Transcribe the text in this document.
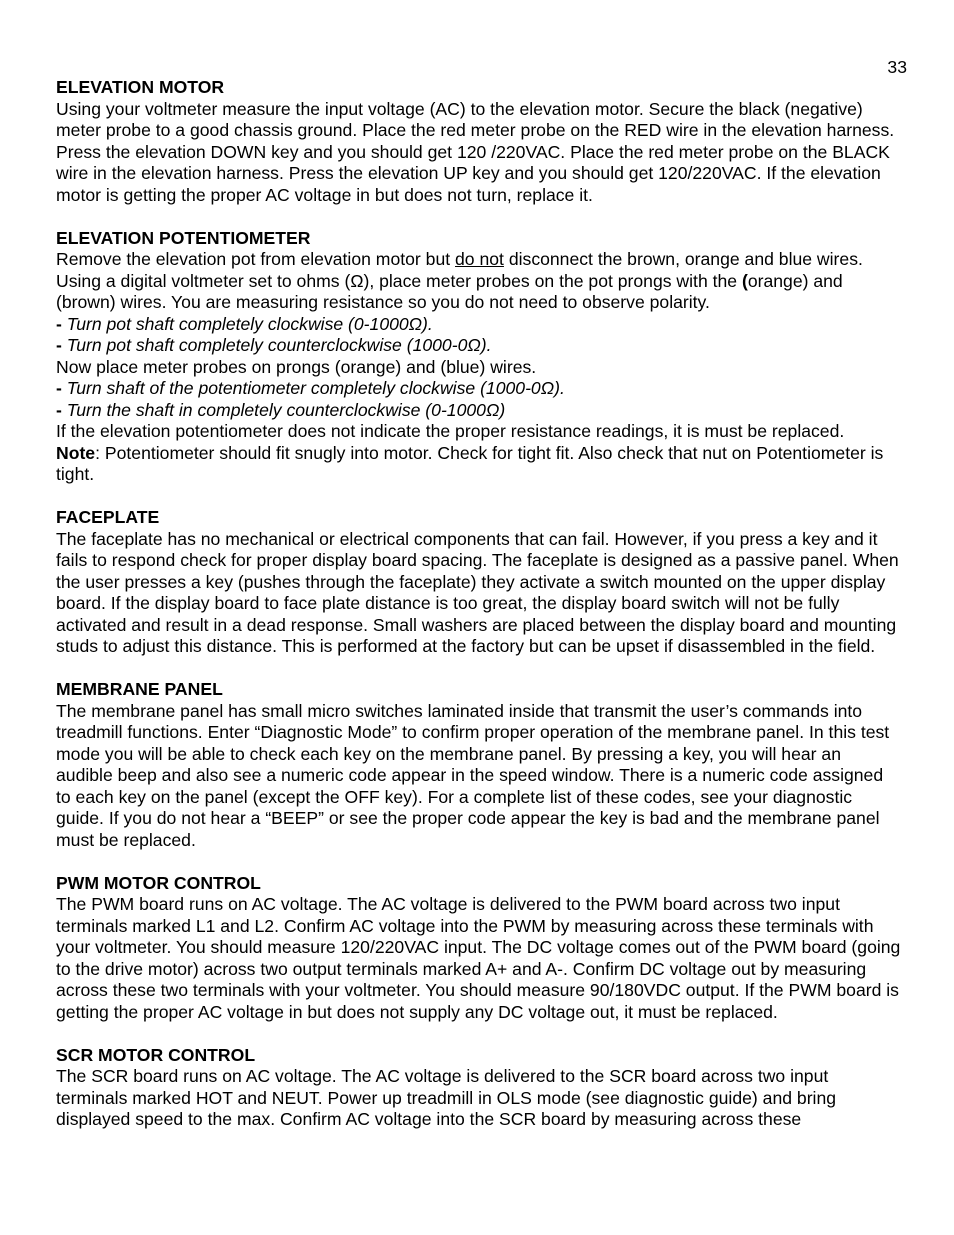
33
ELEVATION MOTOR

Using your voltmeter measure the input voltage (AC) to the elevation motor. Secure the black (negative) meter probe to a good chassis ground. Place the red meter probe on the RED wire in the elevation harness. Press the elevation DOWN key and you should get 120 /220VAC. Place the red meter probe on the BLACK wire in the elevation harness. Press the elevation UP key and you should get 120/220VAC. If the elevation motor is getting the proper AC voltage in but does not turn, replace it.

ELEVATION POTENTIOMETER

Remove the elevation pot from elevation motor but do not disconnect the brown, orange and blue wires. Using a digital voltmeter set to ohms (Ω), place meter probes on the pot prongs with the (orange) and (brown) wires. You are measuring resistance so you do not need to observe polarity.

- Turn pot shaft completely clockwise (0-1000Ω).

- Turn pot shaft completely counterclockwise (1000-0Ω).

Now place meter probes on prongs (orange) and (blue) wires.

- Turn shaft of the potentiometer completely clockwise (1000-0Ω).

- Turn the shaft in completely counterclockwise (0-1000Ω)

If the elevation potentiometer does not indicate the proper resistance readings, it is must be replaced.

Note: Potentiometer should fit snugly into motor. Check for tight fit. Also check that nut on Potentiometer is tight.

FACEPLATE

The faceplate has no mechanical or electrical components that can fail. However, if you press a key and it fails to respond check for proper display board spacing. The faceplate is designed as a passive panel. When the user presses a key (pushes through the faceplate) they activate a switch mounted on the upper display board. If the display board to face plate distance is too great, the display board switch will not be fully activated and result in a dead response. Small washers are placed between the display board and mounting studs to adjust this distance. This is performed at the factory but can be upset if disassembled in the field.

MEMBRANE PANEL

The membrane panel has small micro switches laminated inside that transmit the user’s commands into treadmill functions. Enter “Diagnostic Mode” to confirm proper operation of the membrane panel. In this test mode you will be able to check each key on the membrane panel. By pressing a key, you will hear an audible beep and also see a numeric code appear in the speed window. There is a numeric code assigned to each key on the panel (except the OFF key). For a complete list of these codes, see your diagnostic guide. If you do not hear a “BEEP” or see the proper code appear the key is bad and the membrane panel must be replaced.

PWM MOTOR CONTROL

The PWM board runs on AC voltage. The AC voltage is delivered to the PWM board across two input terminals marked L1 and L2. Confirm AC voltage into the PWM by measuring across these terminals with your voltmeter. You should measure 120/220VAC input. The DC voltage comes out of the PWM board (going to the drive motor) across two output terminals marked A+ and A-. Confirm DC voltage out by measuring across these two terminals with your voltmeter. You should measure 90/180VDC output. If the PWM board is getting the proper AC voltage in but does not supply any DC voltage out, it must be replaced.

SCR MOTOR CONTROL

The SCR board runs on AC voltage. The AC voltage is delivered to the SCR board across two input terminals marked HOT and NEUT. Power up treadmill in OLS mode (see diagnostic guide) and bring displayed speed to the max. Confirm AC voltage into the SCR board by measuring across these
